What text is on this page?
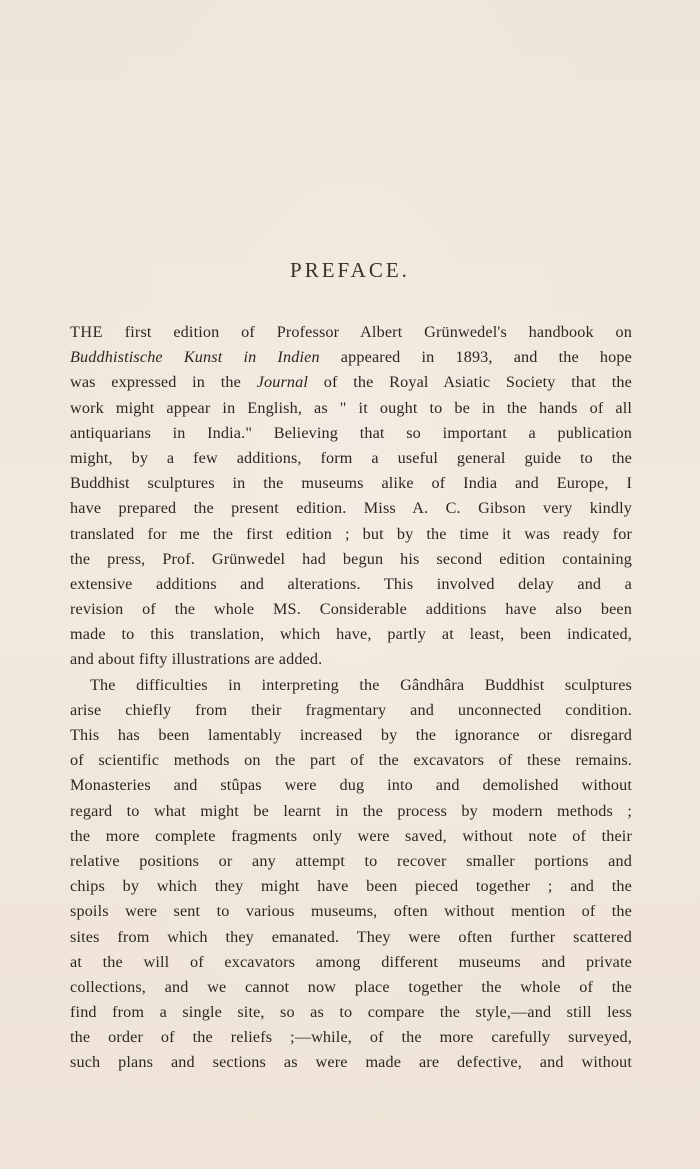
PREFACE.
THE first edition of Professor Albert Grünwedel's handbook on
Buddhistische Kunst in Indien appeared in 1893, and the hope
was expressed in the Journal of the Royal Asiatic Society that the
work might appear in English, as " it ought to be in the hands of all
antiquarians in India." Believing that so important a publication
might, by a few additions, form a useful general guide to the
Buddhist sculptures in the museums alike of India and Europe, I
have prepared the present edition. Miss A. C. Gibson very kindly
translated for me the first edition ; but by the time it was ready for
the press, Prof. Grünwedel had begun his second edition containing
extensive additions and alterations. This involved delay and a
revision of the whole MS. Considerable additions have also been
made to this translation, which have, partly at least, been indicated,
and about fifty illustrations are added.
The difficulties in interpreting the Gândhâra Buddhist sculptures
arise chiefly from their fragmentary and unconnected condition.
This has been lamentably increased by the ignorance or disregard
of scientific methods on the part of the excavators of these remains.
Monasteries and stûpas were dug into and demolished without
regard to what might be learnt in the process by modern methods ;
the more complete fragments only were saved, without note of their
relative positions or any attempt to recover smaller portions and
chips by which they might have been pieced together ; and the
spoils were sent to various museums, often without mention of the
sites from which they emanated. They were often further scattered
at the will of excavators among different museums and private
collections, and we cannot now place together the whole of the
find from a single site, so as to compare the style,—and still less
the order of the reliefs ;—while, of the more carefully surveyed,
such plans and sections as were made are defective, and without
